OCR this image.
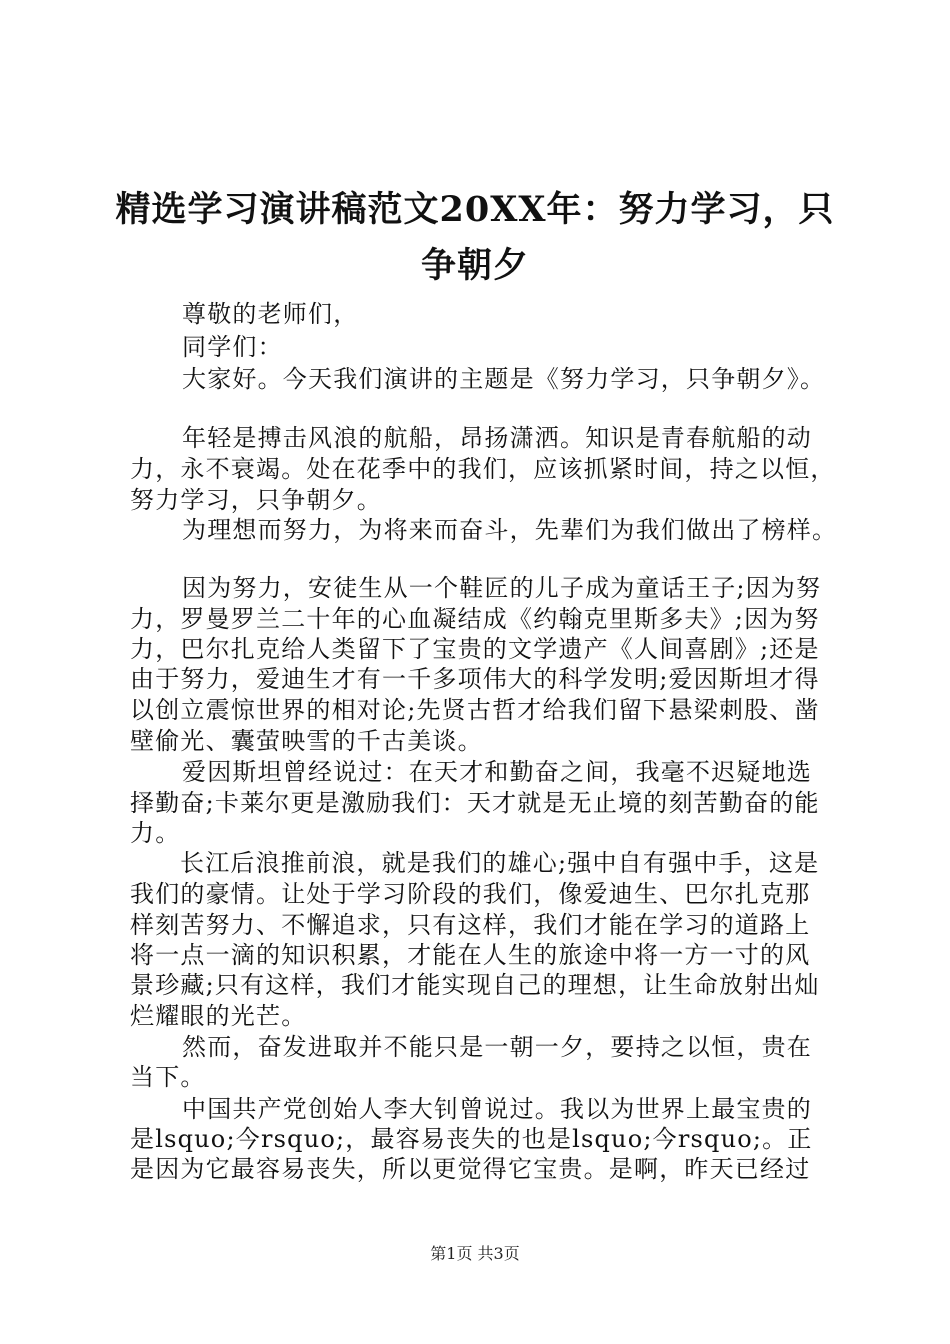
精选学习演讲稿范文20XX年：努力学习，只
争朝夕
尊敬的老师们，
同学们：
大家好。今天我们演讲的主题是《努力学习，只争朝夕》。
年轻是搏击风浪的航船，昂扬潇洒。知识是青春航船的动
力，永不衰竭。处在花季中的我们，应该抓紧时间，持之以恒，
努力学习，只争朝夕。
为理想而努力，为将来而奋斗，先辈们为我们做出了榜样。
因为努力，安徒生从一个鞋匠的儿子成为童话王子;因为努
力，罗曼罗兰二十年的心血凝结成《约翰克里斯多夫》;因为努
力，巴尔扎克给人类留下了宝贵的文学遗产《人间喜剧》;还是
由于努力，爱迪生才有一千多项伟大的科学发明;爱因斯坦才得
以创立震惊世界的相对论;先贤古哲才给我们留下悬梁刺股、凿
壁偷光、囊萤映雪的千古美谈。
爱因斯坦曾经说过：在天才和勤奋之间，我毫不迟疑地选
择勤奋;卡莱尔更是激励我们：天才就是无止境的刻苦勤奋的能
力。
长江后浪推前浪，就是我们的雄心;强中自有强中手，这是
我们的豪情。让处于学习阶段的我们，像爱迪生、巴尔扎克那
样刻苦努力、不懈追求，只有这样，我们才能在学习的道路上
将一点一滴的知识积累，才能在人生的旅途中将一方一寸的风
景珍藏;只有这样，我们才能实现自己的理想，让生命放射出灿
烂耀眼的光芒。
然而，奋发进取并不能只是一朝一夕，要持之以恒，贵在
当下。
中国共产党创始人李大钊曾说过。我以为世界上最宝贵的
是lsquo;今rsquo;，最容易丧失的也是lsquo;今rsquo;。正
是因为它最容易丧失，所以更觉得它宝贵。是啊，昨天已经过
第1页 共3页
